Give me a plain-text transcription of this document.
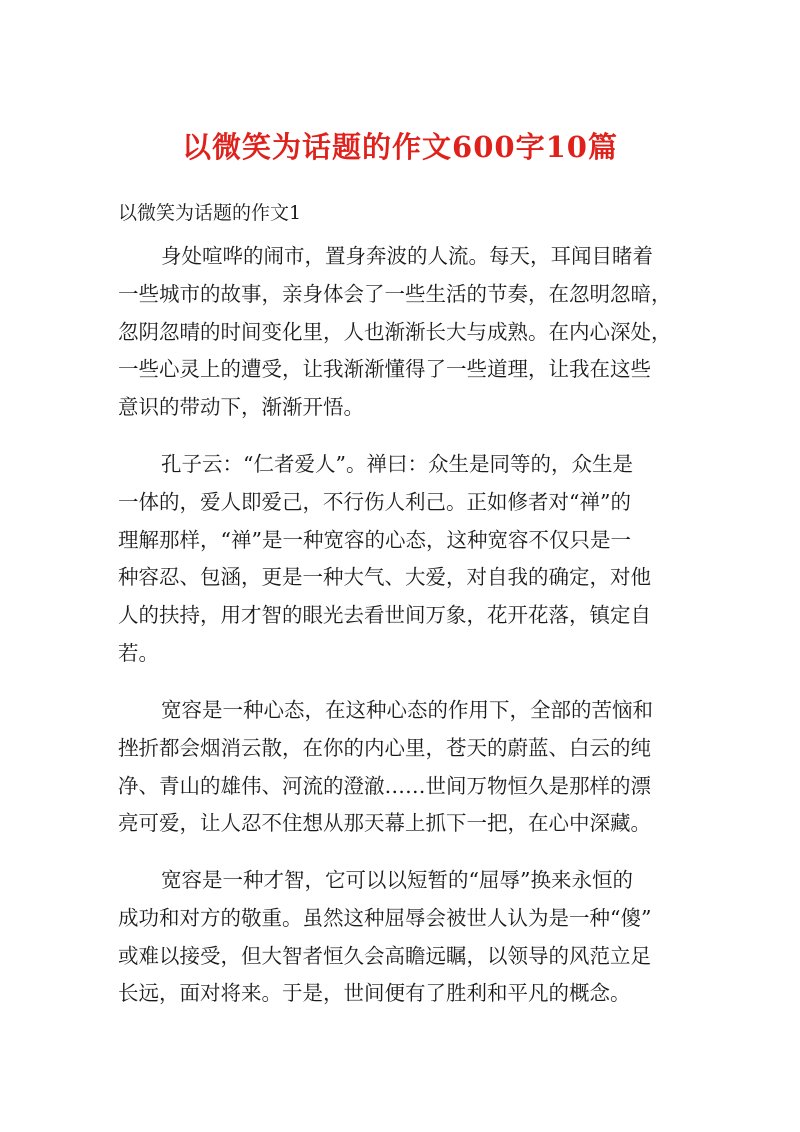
以微笑为话题的作文600字10篇

以微笑为话题的作文1

身处喧哗的闹市，置身奔波的人流。每天，耳闻目睹着
一些城市的故事，亲身体会了一些生活的节奏，在忽明忽暗，
忽阴忽晴的时间变化里，人也渐渐长大与成熟。在内心深处，
一些心灵上的遭受，让我渐渐懂得了一些道理，让我在这些
意识的带动下，渐渐开悟。
孔子云：“仁者爱人”。禅曰：众生是同等的，众生是
一体的，爱人即爱己，不行伤人利己。正如修者对“禅”的
理解那样，“禅”是一种宽容的心态，这种宽容不仅只是一
种容忍、包涵，更是一种大气、大爱，对自我的确定，对他
人的扶持，用才智的眼光去看世间万象，花开花落，镇定自
若。
宽容是一种心态，在这种心态的作用下，全部的苦恼和
挫折都会烟消云散，在你的内心里，苍天的蔚蓝、白云的纯
净、青山的雄伟、河流的澄澈……世间万物恒久是那样的漂
亮可爱，让人忍不住想从那天幕上抓下一把，在心中深藏。
宽容是一种才智，它可以以短暂的“屈辱”换来永恒的
成功和对方的敬重。虽然这种屈辱会被世人认为是一种“傻”
或难以接受，但大智者恒久会高瞻远瞩，以领导的风范立足
长远，面对将来。于是，世间便有了胜利和平凡的概念。
